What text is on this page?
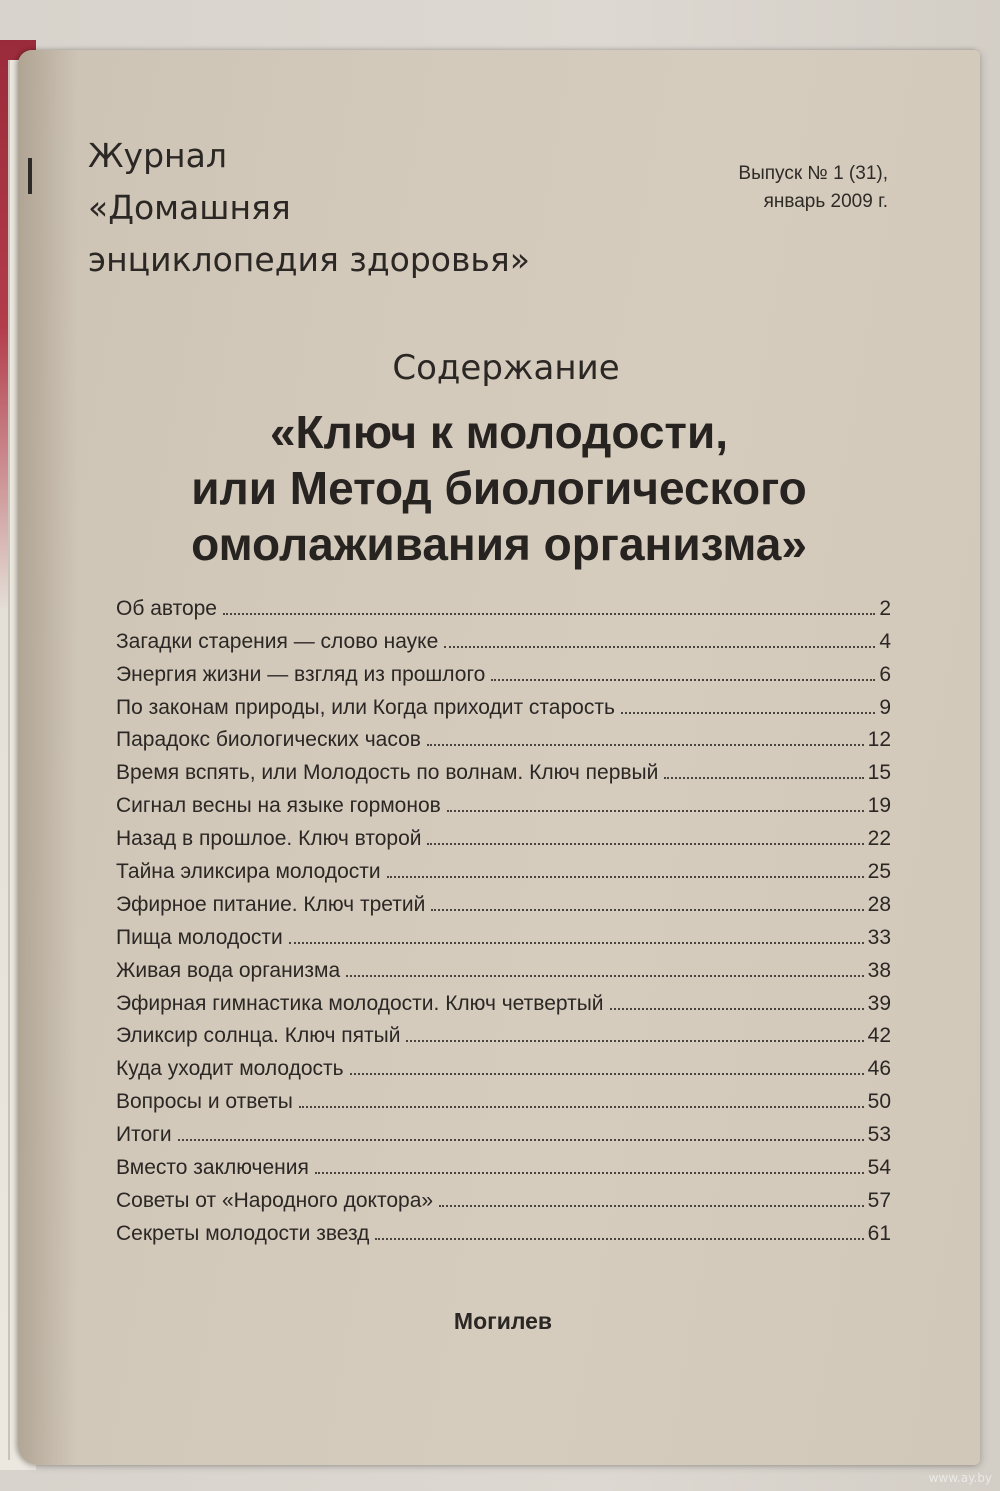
Журнал
«Домашняя
энциклопедия здоровья»
Выпуск № 1 (31),
январь 2009 г.
Содержание
«Ключ к молодости,
или Метод биологического
омолаживания организма»
Об авторе	2
Загадки старения — слово науке	4
Энергия жизни — взгляд из прошлого	6
По законам природы, или Когда приходит старость	9
Парадокс биологических часов	12
Время вспять, или Молодость по волнам. Ключ первый	15
Сигнал весны на языке гормонов	19
Назад в прошлое. Ключ второй	22
Тайна эликсира молодости	25
Эфирное питание. Ключ третий	28
Пища молодости	33
Живая вода организма	38
Эфирная гимнастика молодости. Ключ четвертый	39
Эликсир солнца. Ключ пятый	42
Куда уходит молодость	46
Вопросы и ответы	50
Итоги	53
Вместо заключения	54
Советы от «Народного доктора»	57
Секреты молодости звезд	61
Могилев
www.ay.by
